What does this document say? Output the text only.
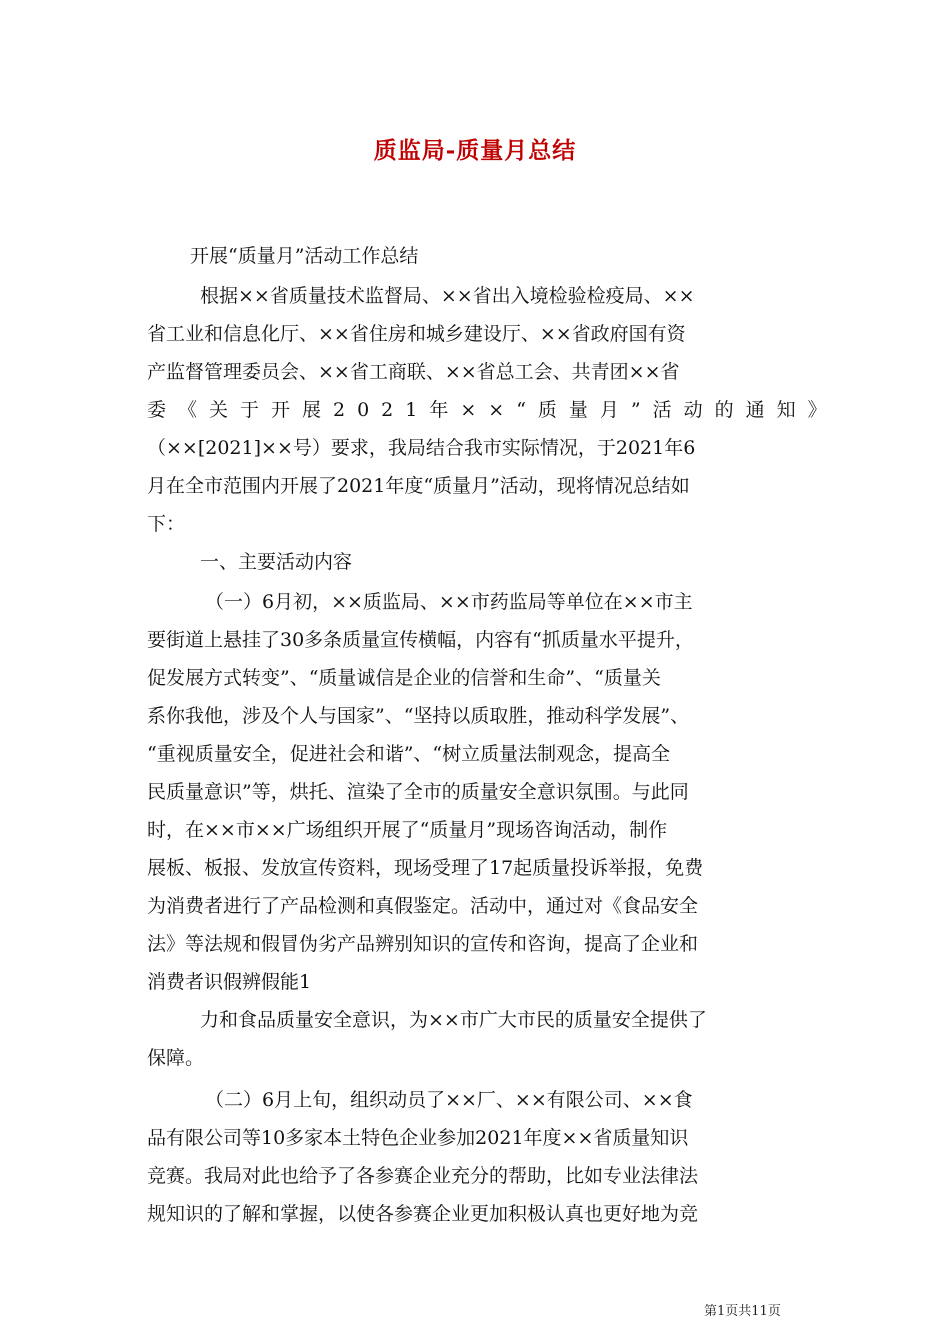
质监局-质量月总结
开展“质量月”活动工作总结
根据××省质量技术监督局、××省出入境检验检疫局、××
省工业和信息化厅、××省住房和城乡建设厅、××省政府国有资
产监督管理委员会、××省工商联、××省总工会、共青团××省
委《关于开展2021年××“质量月”活动的通知》
（××[2021]××号）要求，我局结合我市实际情况，于2021年6
月在全市范围内开展了2021年度“质量月”活动，现将情况总结如
下：
一、主要活动内容
（一）6月初，××质监局、××市药监局等单位在××市主
要街道上悬挂了30多条质量宣传横幅，内容有“抓质量水平提升，
促发展方式转变”、“质量诚信是企业的信誉和生命”、“质量关
系你我他，涉及个人与国家”、“坚持以质取胜，推动科学发展”、
“重视质量安全，促进社会和谐”、“树立质量法制观念，提高全
民质量意识”等，烘托、渲染了全市的质量安全意识氛围。与此同
时，在××市××广场组织开展了“质量月”现场咨询活动，制作
展板、板报、发放宣传资料，现场受理了17起质量投诉举报，免费
为消费者进行了产品检测和真假鉴定。活动中，通过对《食品安全
法》等法规和假冒伪劣产品辨别知识的宣传和咨询，提高了企业和
消费者识假辨假能1
力和食品质量安全意识，为××市广大市民的质量安全提供了
保障。
（二）6月上旬，组织动员了××厂、××有限公司、××食
品有限公司等10多家本土特色企业参加2021年度××省质量知识
竞赛。我局对此也给予了各参赛企业充分的帮助，比如专业法律法
规知识的了解和掌握，以使各参赛企业更加积极认真也更好地为竞
第1页共11页
